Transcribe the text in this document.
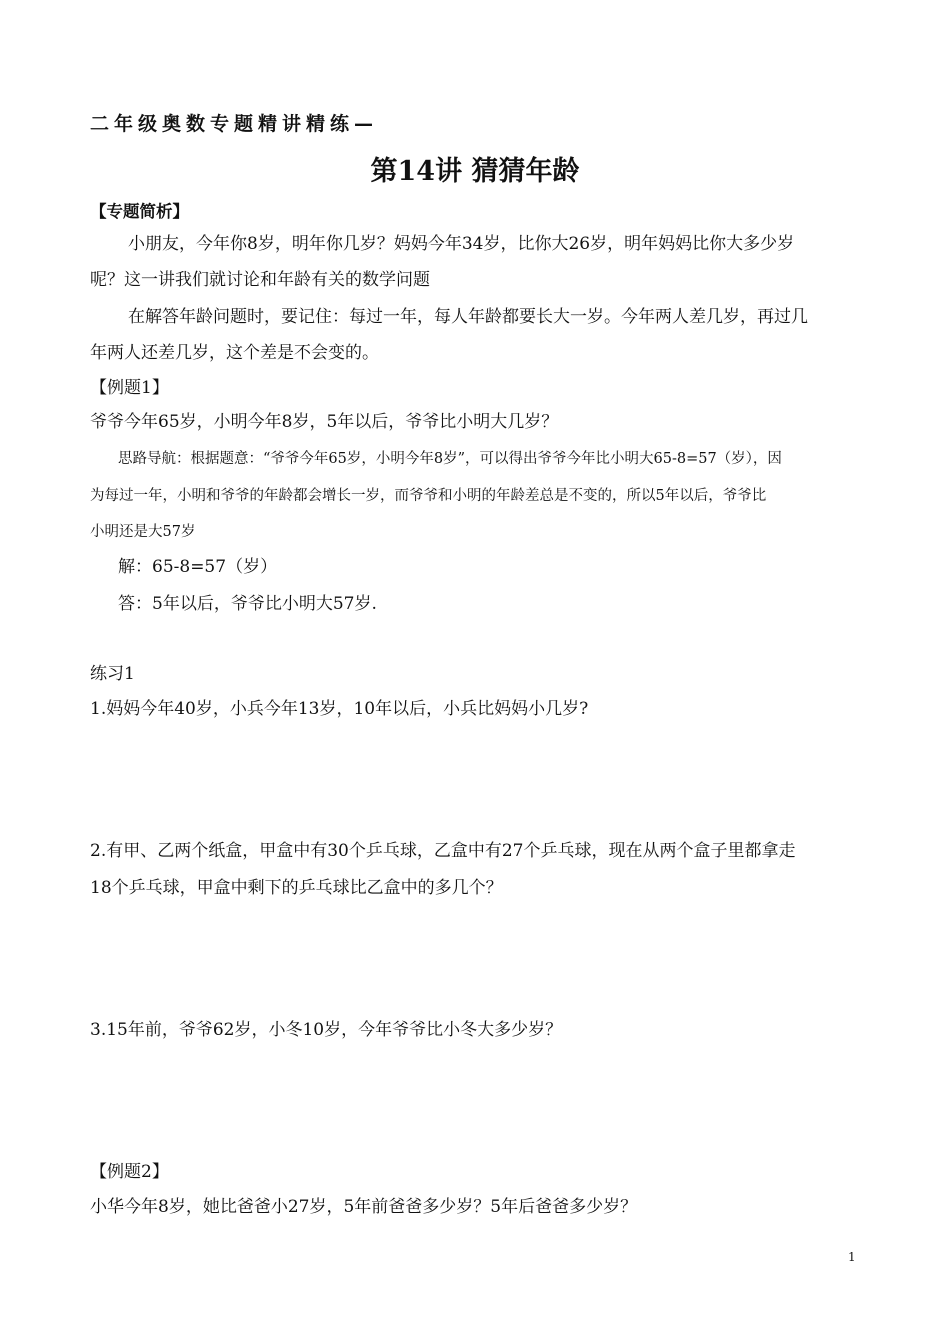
二年级奥数专题精讲精练—
第14讲 猜猜年龄
【专题简析】
小朋友，今年你8岁，明年你几岁？妈妈今年34岁，比你大26岁，明年妈妈比你大多少岁
呢？这一讲我们就讨论和年龄有关的数学问题
在解答年龄问题时，要记住：每过一年，每人年龄都要长大一岁。今年两人差几岁，再过几
年两人还差几岁，这个差是不会变的。
【例题1】
爷爷今年65岁，小明今年8岁，5年以后，爷爷比小明大几岁？
思路导航：根据题意：“爷爷今年65岁，小明今年8岁”，可以得出爷爷今年比小明大65-8=57（岁），因
为每过一年，小明和爷爷的年龄都会增长一岁，而爷爷和小明的年龄差总是不变的，所以5年以后，爷爷比
小明还是大57岁
解：65-8=57（岁）
答：5年以后，爷爷比小明大57岁.
练习1
1.妈妈今年40岁，小兵今年13岁，10年以后，小兵比妈妈小几岁?
2.有甲、乙两个纸盒，甲盒中有30个乒乓球，乙盒中有27个乒乓球，现在从两个盒子里都拿走
18个乒乓球，甲盒中剩下的乒乓球比乙盒中的多几个？
3.15年前，爷爷62岁，小冬10岁，今年爷爷比小冬大多少岁？
【例题2】
小华今年8岁，她比爸爸小27岁，5年前爸爸多少岁？5年后爸爸多少岁？
1
